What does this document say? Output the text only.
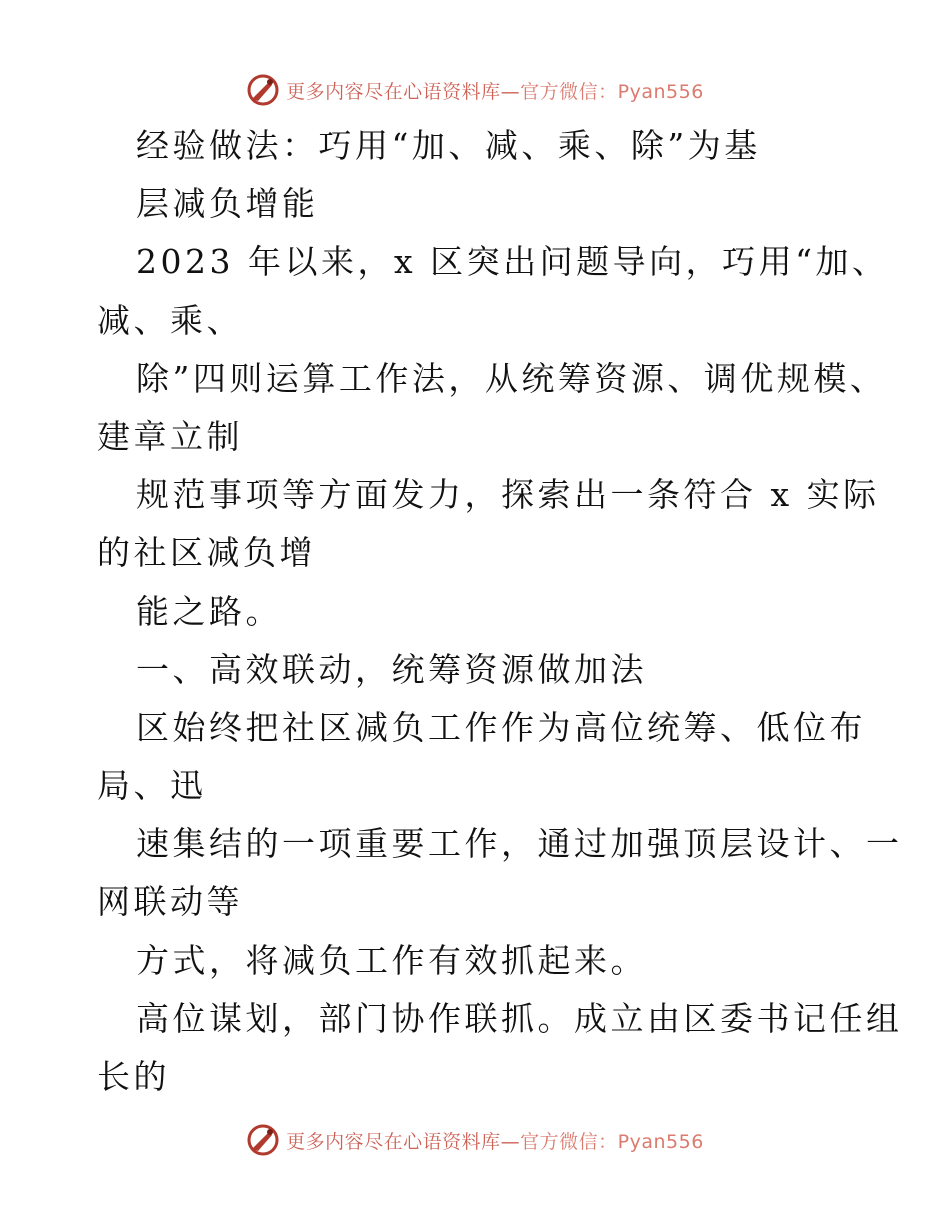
更多内容尽在心语资料库—官方微信：Pyan556
经验做法：巧用“加、减、乘、除”为基
层减负增能
2023 年以来，x 区突出问题导向，巧用“加、
减、乘、
除”四则运算工作法，从统筹资源、调优规模、
建章立制
规范事项等方面发力，探索出一条符合 x 实际
的社区减负增
能之路。
一、高效联动，统筹资源做加法
区始终把社区减负工作作为高位统筹、低位布
局、迅
速集结的一项重要工作，通过加强顶层设计、一
网联动等
方式，将减负工作有效抓起来。
高位谋划，部门协作联抓。成立由区委书记任组
长的
更多内容尽在心语资料库—官方微信：Pyan556
